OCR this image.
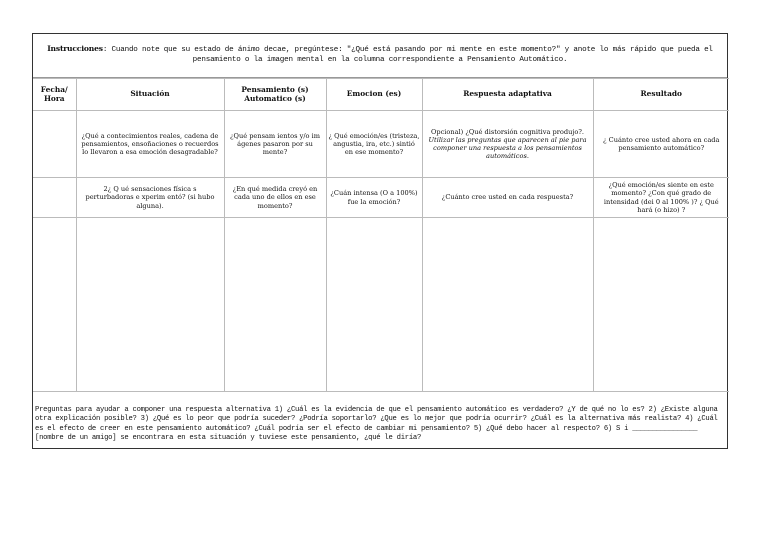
Instrucciones: Cuando note que su estado de ánimo decae, pregúntese: "¿Qué está pasando por mi mente en este momento?" y anote lo más rápido que pueda el pensamiento o la imagen mental en la columna correspondiente a Pensamiento Automático.
Fecha/ Hora	Situación	Pensamiento (s) Automatico (s)	Emocion (es)	Respuesta adaptativa	Resultado
	¿Qué a contecimientos reales, cadena de pensamientos, ensoñaciones o recuerdos lo llevaron a esa emoción desagradable?	¿Qué pensam ientos y/o im ágenes pasaron por su mente?	¿ Qué emoción/es (tristeza, angustia, ira, etc.) sintió en ese momento?	Opcional) ¿Qué distorsión cognitiva produjo?.
Utilizar las preguntas que aparecen al pie para componer una respuesta a los pensamientos automáticos.	¿ Cuánto cree usted ahora en cada pensamiento automático?
	2¿ Q ué sensaciones física s perturbadoras e xperim entó? (si hubo alguna).	¿En qué medida creyó en cada uno de ellos en ese momento?	¿Cuán intensa (O a 100%) fue la emoción?	¿Cuánto cree usted en cada respuesta?	¿Qué emoción/es siente en este momento? ¿Con qué grado de intensidad (dei 0 al 100% )? ¿ Qué hará (o hizo) ?

Preguntas para ayudar a componer una respuesta alternativa 1) ¿Cuál es la evidencia de que el pensamiento automático es verdadero? ¿Y de qué no lo es? 2) ¿Existe alguna otra explicación posible? 3) ¿Qué es lo peor que podría suceder? ¿Podría soportarlo? ¿Que es lo mejor que podría ocurrir? ¿Cuál es la alternativa más realista? 4) ¿Cuál es el efecto de creer en este pensamiento automático? ¿Cuál podría ser el efecto de cambiar mi pensamiento? 5) ¿Qué debo hacer al respecto? 6) S i ________________ [nombre de un amigo] se encontrara en esta situación y tuviese este pensamiento, ¿qué le diría?
